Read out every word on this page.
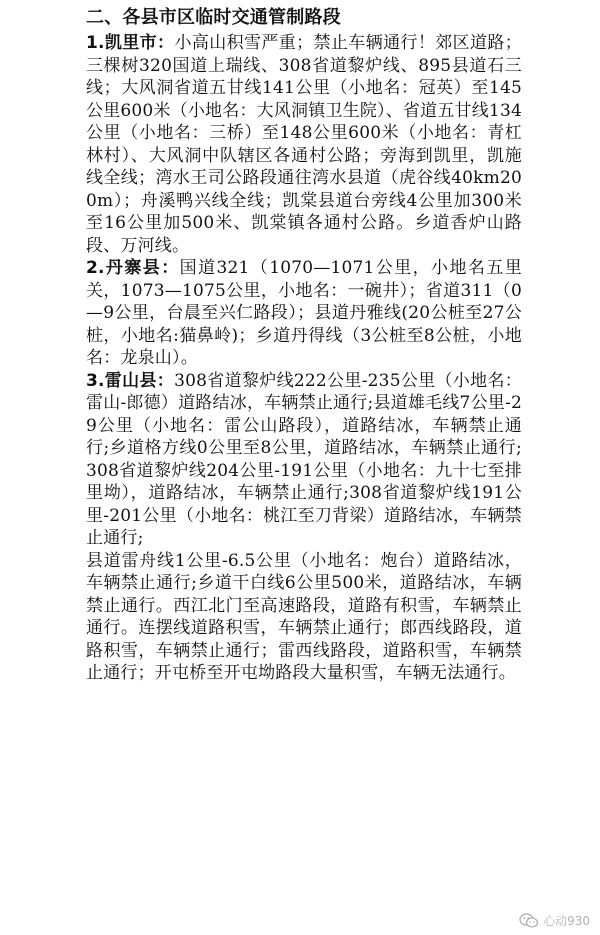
二、各县市区临时交通管制路段

1.凯里市：小高山积雪严重；禁止车辆通行！郊区道路；三棵树320国道上瑞线、308省道黎炉线、895县道石三线；大风洞省道五甘线141公里（小地名：冠英）至145公里600米（小地名：大风洞镇卫生院）、省道五甘线134公里（小地名：三桥）至148公里600米（小地名：青杠林村）、大风洞中队辖区各通村公路；旁海到凯里，凯施线全线；湾水王司公路段通往湾水县道（虎谷线40km200m）；舟溪鸭兴线全线；凯棠县道台旁线4公里加300米至16公里加500米、凯棠镇各通村公路。乡道香炉山路段、万河线。

2.丹寨县：国道321（1070—1071公里，小地名五里关，1073—1075公里，小地名：一碗井）；省道311（0—9公里，台晨至兴仁路段）；县道丹雅线(20公桩至27公桩，小地名:猫鼻岭)；乡道丹得线（3公桩至8公桩，小地名：龙泉山）。

3.雷山县：308省道黎炉线222公里-235公里（小地名：雷山-郎德）道路结冰，车辆禁止通行;县道雄毛线7公里-29公里（小地名：雷公山路段），道路结冰，车辆禁止通行;乡道格方线0公里至8公里，道路结冰，车辆禁止通行;308省道黎炉线204公里-191公里（小地名：九十七至排里坳），道路结冰，车辆禁止通行;308省道黎炉线191公里-201公里（小地名：桃江至刀背梁）道路结冰，车辆禁止通行;

县道雷舟线1公里-6.5公里（小地名：炮台）道路结冰，车辆禁止通行;乡道干白线6公里500米，道路结冰，车辆禁止通行。西江北门至高速路段，道路有积雪，车辆禁止通行。连摆线道路积雪，车辆禁止通行；郎西线路段，道路积雪，车辆禁止通行；雷西线路段，道路积雪，车辆禁止通行；开屯桥至开屯坳路段大量积雪，车辆无法通行。

心动930
